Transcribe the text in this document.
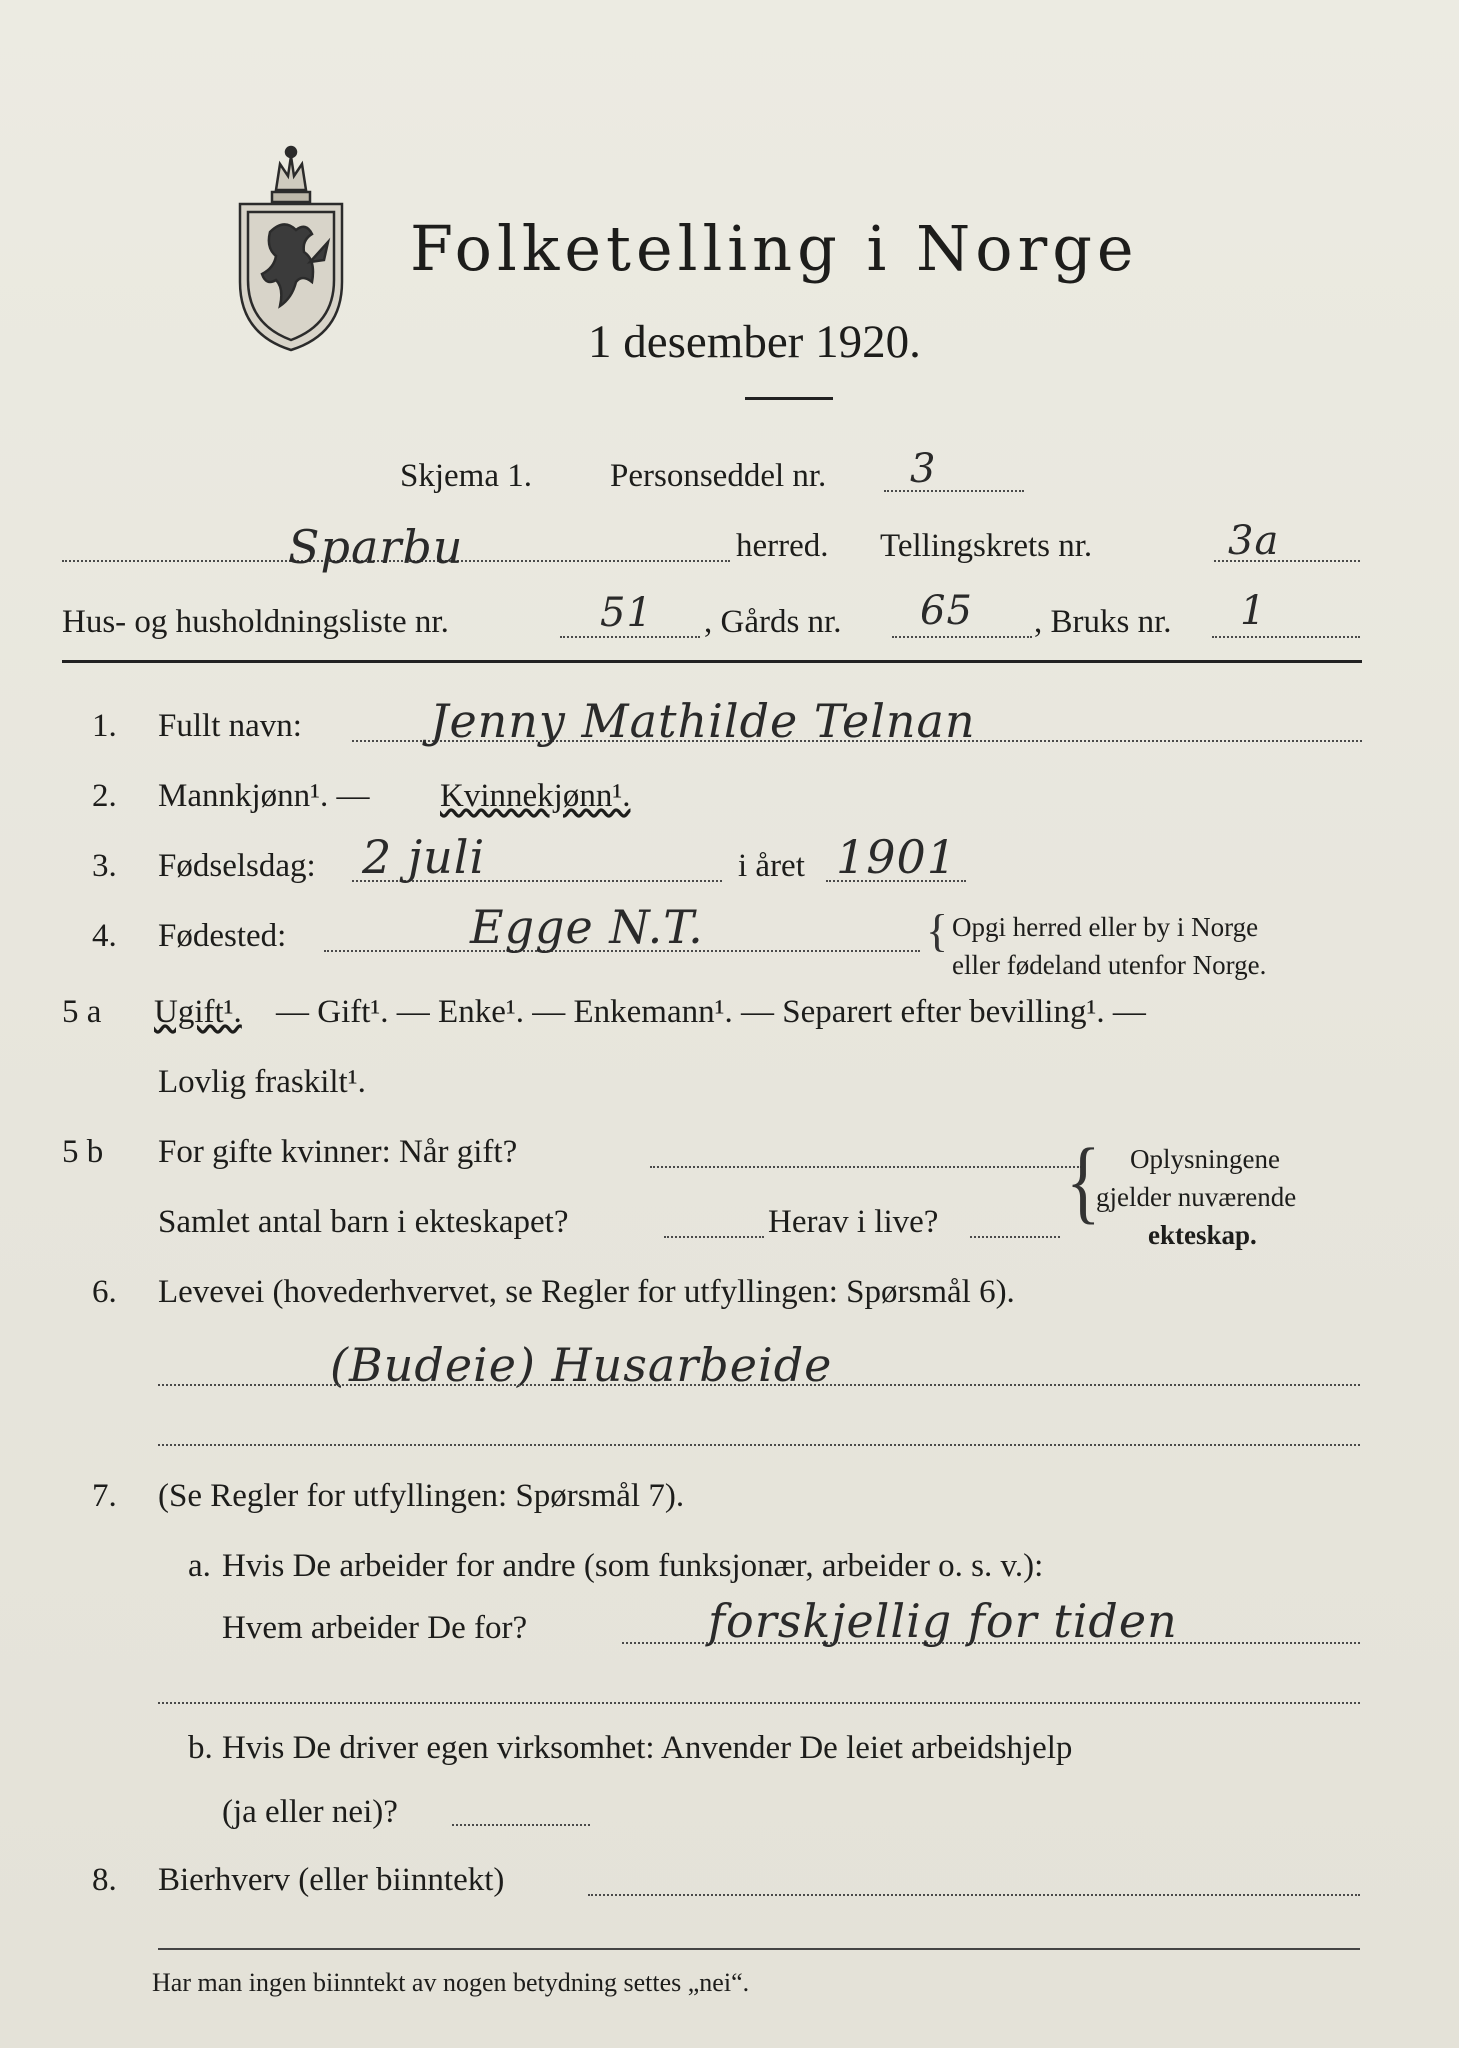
Folketelling i Norge
1 desember 1920.
Skjema 1. Personseddel nr. 3
Sparbu	herred. Tellingskrets nr.	3a
Hus- og husholdningsliste nr.	51 , Gårds nr. 65 , Bruks nr. 1
1. Fullt navn:	Jenny Mathilde Telnan
2. Mannkjønn¹. — Kvinnekjønn¹.
3. Fødselsdag: 2 juli	i året 1901
4. Fødested:	Egge N.T.	{ Opgi herred eller by i Norge
eller fødeland utenfor Norge.
5 a Ugift¹. — Gift¹. — Enke¹. — Enkemann¹. — Separert efter bevilling¹. —
Lovlig fraskilt¹.
5 b For gifte kvinner: Når gift?
Samlet antal barn i ekteskapet?	Herav i live? { Oplysningene
gjelder nuværende
ekteskap.
6. Levevei (hovederhvervet, se Regler for utfyllingen: Spørsmål 6).
(Budeie) Husarbeide
7. (Se Regler for utfyllingen: Spørsmål 7).
a. Hvis De arbeider for andre (som funksjonær, arbeider o. s. v.):
Hvem arbeider De for?	forskjellig for tiden
b. Hvis De driver egen virksomhet: Anvender De leiet arbeidshjelp
(ja eller nei)?
8. Bierhverv (eller biinntekt)
Har man ingen biinntekt av nogen betydning settes „nei“.
